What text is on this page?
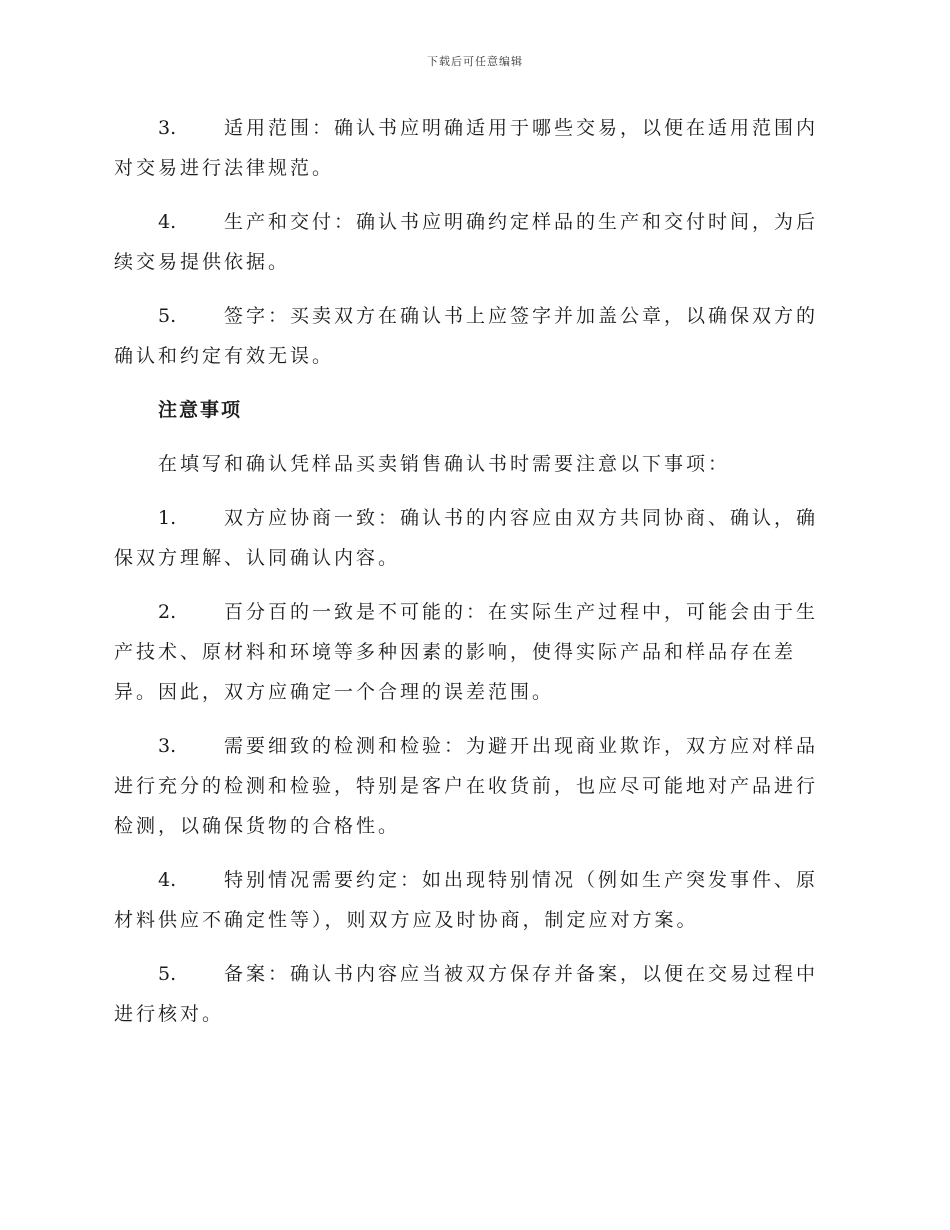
下载后可任意编辑
3.	适用范围：确认书应明确适用于哪些交易，以便在适用范围内对交易进行法律规范。
4.	生产和交付：确认书应明确约定样品的生产和交付时间，为后续交易提供依据。
5.	签字：买卖双方在确认书上应签字并加盖公章，以确保双方的确认和约定有效无误。
注意事项
在填写和确认凭样品买卖销售确认书时需要注意以下事项：
1.	双方应协商一致：确认书的内容应由双方共同协商、确认，确保双方理解、认同确认内容。
2.	百分百的一致是不可能的：在实际生产过程中，可能会由于生产技术、原材料和环境等多种因素的影响，使得实际产品和样品存在差异。因此，双方应确定一个合理的误差范围。
3.	需要细致的检测和检验：为避开出现商业欺诈，双方应对样品进行充分的检测和检验，特别是客户在收货前，也应尽可能地对产品进行检测，以确保货物的合格性。
4.	特别情况需要约定：如出现特别情况（例如生产突发事件、原材料供应不确定性等），则双方应及时协商，制定应对方案。
5.	备案：确认书内容应当被双方保存并备案，以便在交易过程中进行核对。
